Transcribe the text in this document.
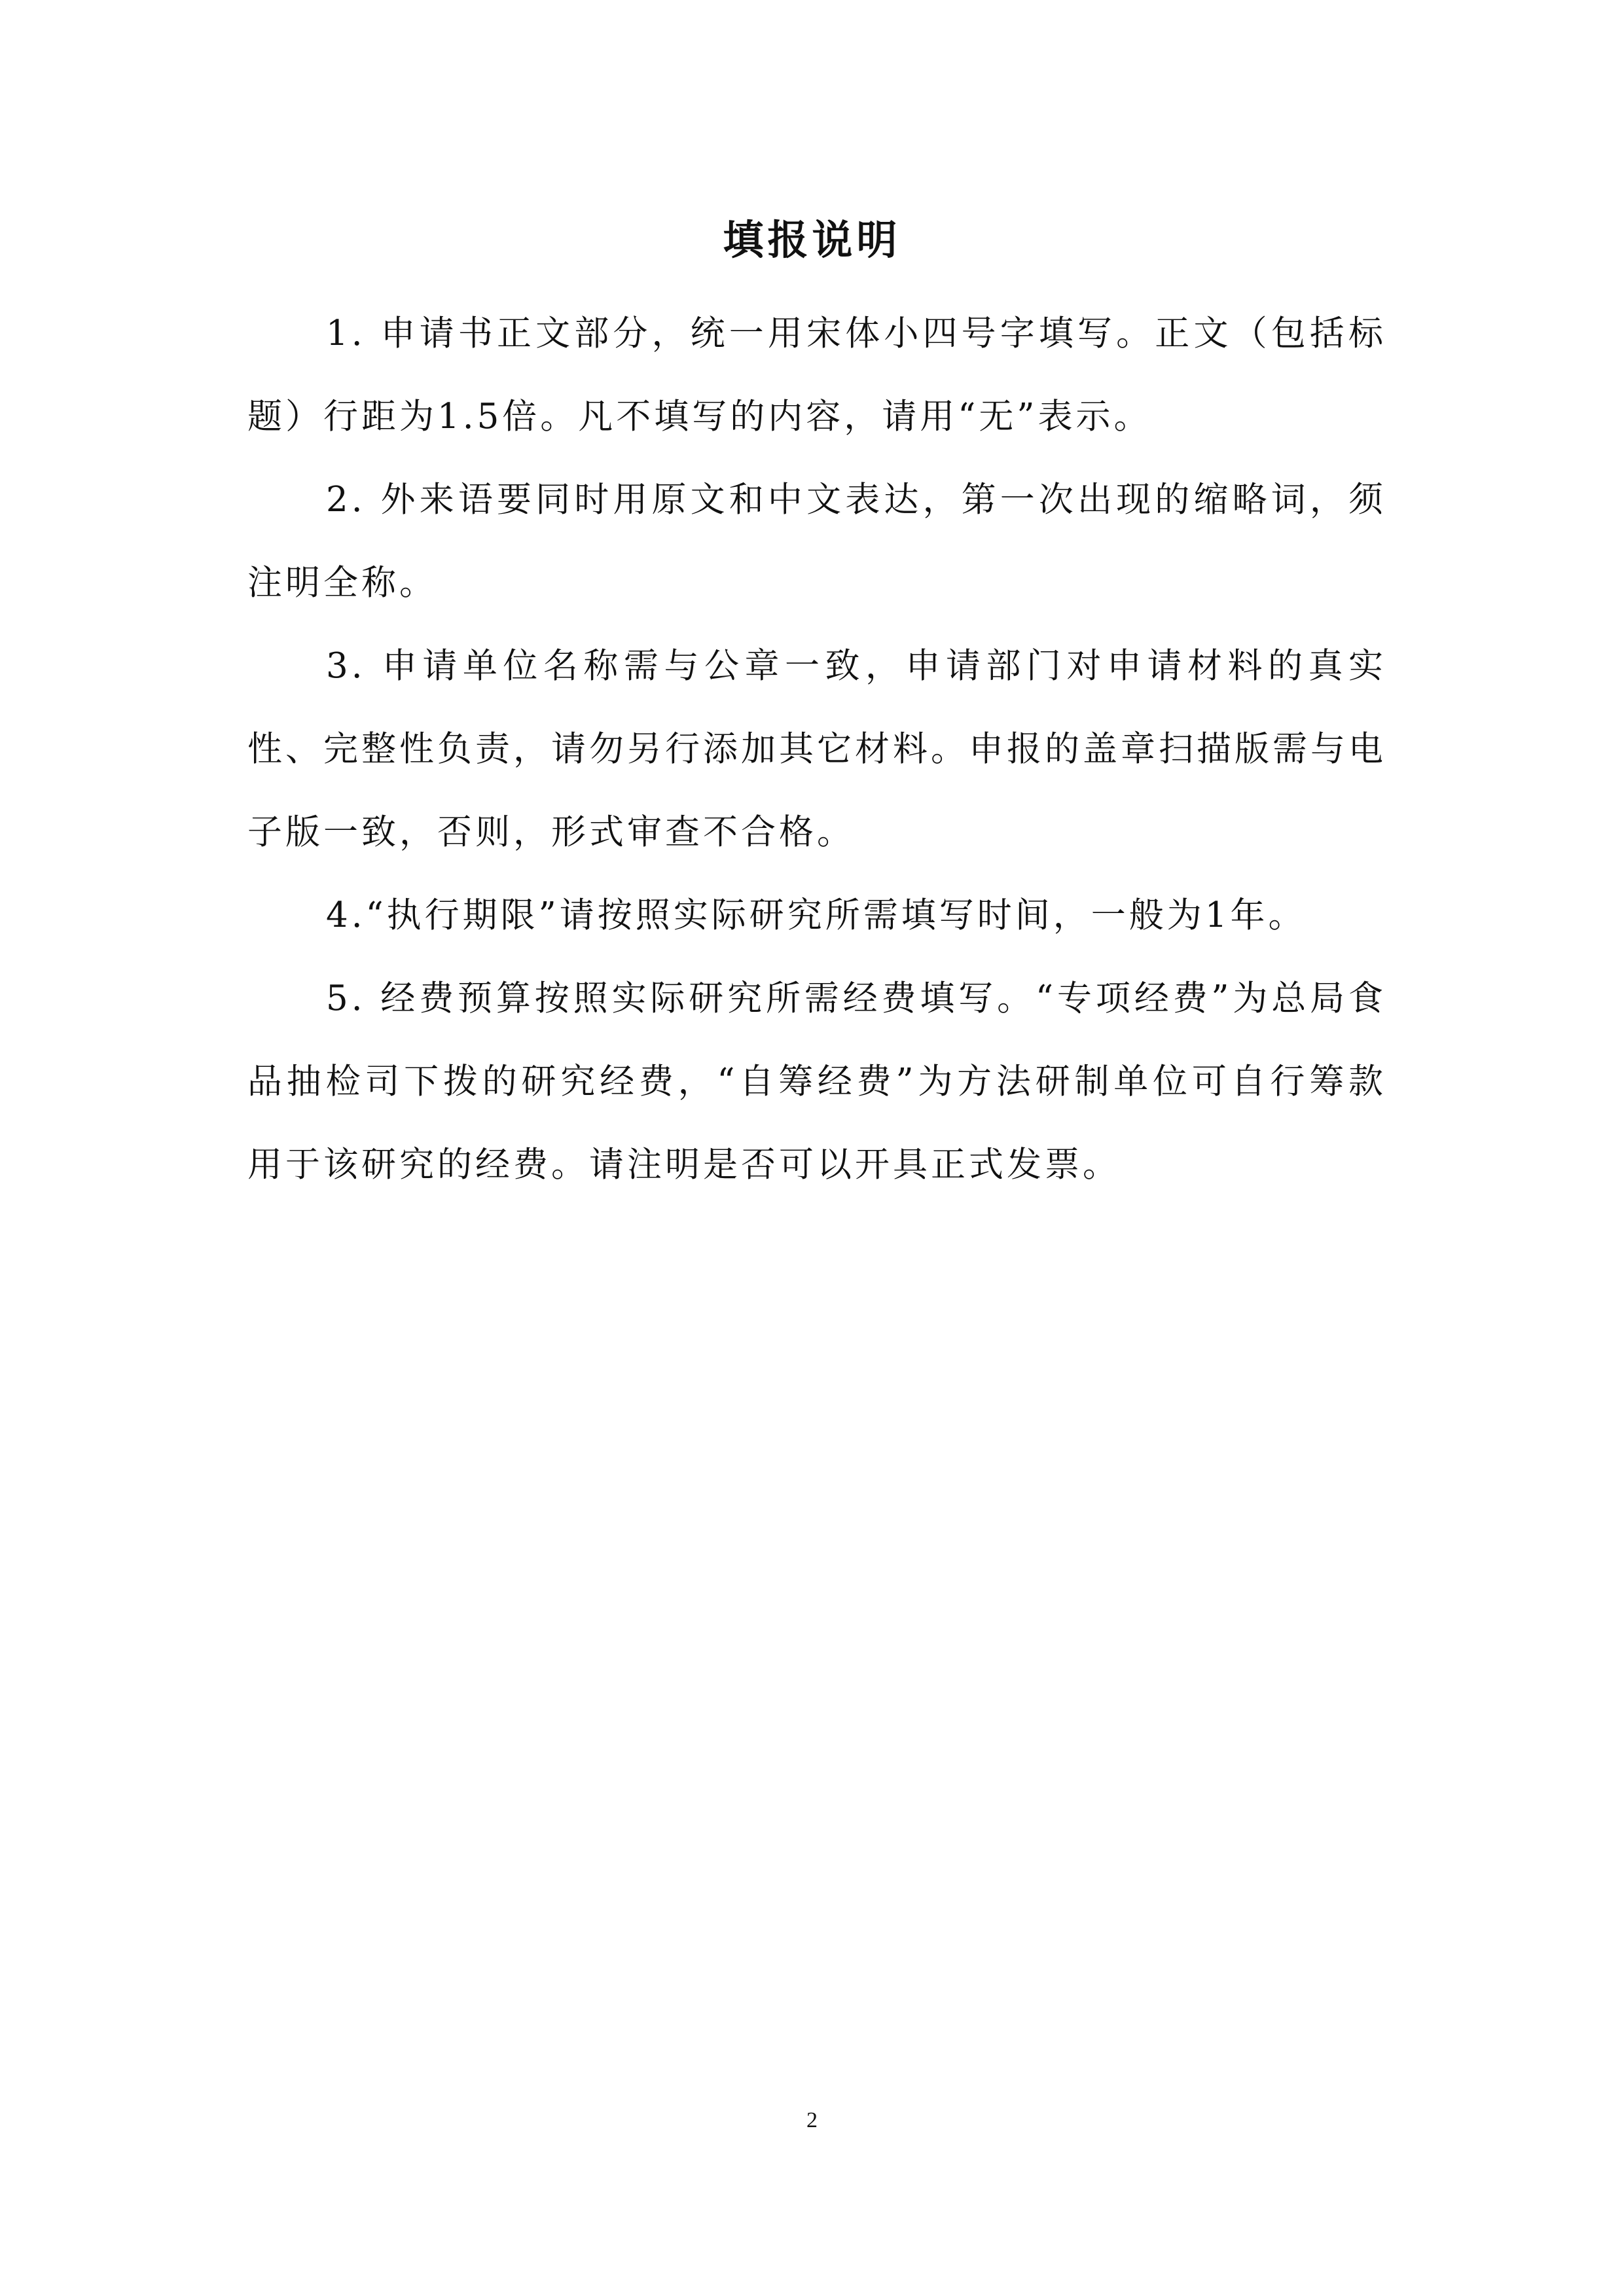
填报说明

1. 申请书正文部分，统一用宋体小四号字填写。正文（包括标题）行距为1.5倍。凡不填写的内容，请用“无”表示。

2. 外来语要同时用原文和中文表达，第一次出现的缩略词，须注明全称。

3. 申请单位名称需与公章一致，申请部门对申请材料的真实性、完整性负责，请勿另行添加其它材料。申报的盖章扫描版需与电子版一致，否则，形式审查不合格。

4.“执行期限”请按照实际研究所需填写时间，一般为1年。

5. 经费预算按照实际研究所需经费填写。“专项经费”为总局食品抽检司下拨的研究经费，“自筹经费”为方法研制单位可自行筹款用于该研究的经费。请注明是否可以开具正式发票。

2
